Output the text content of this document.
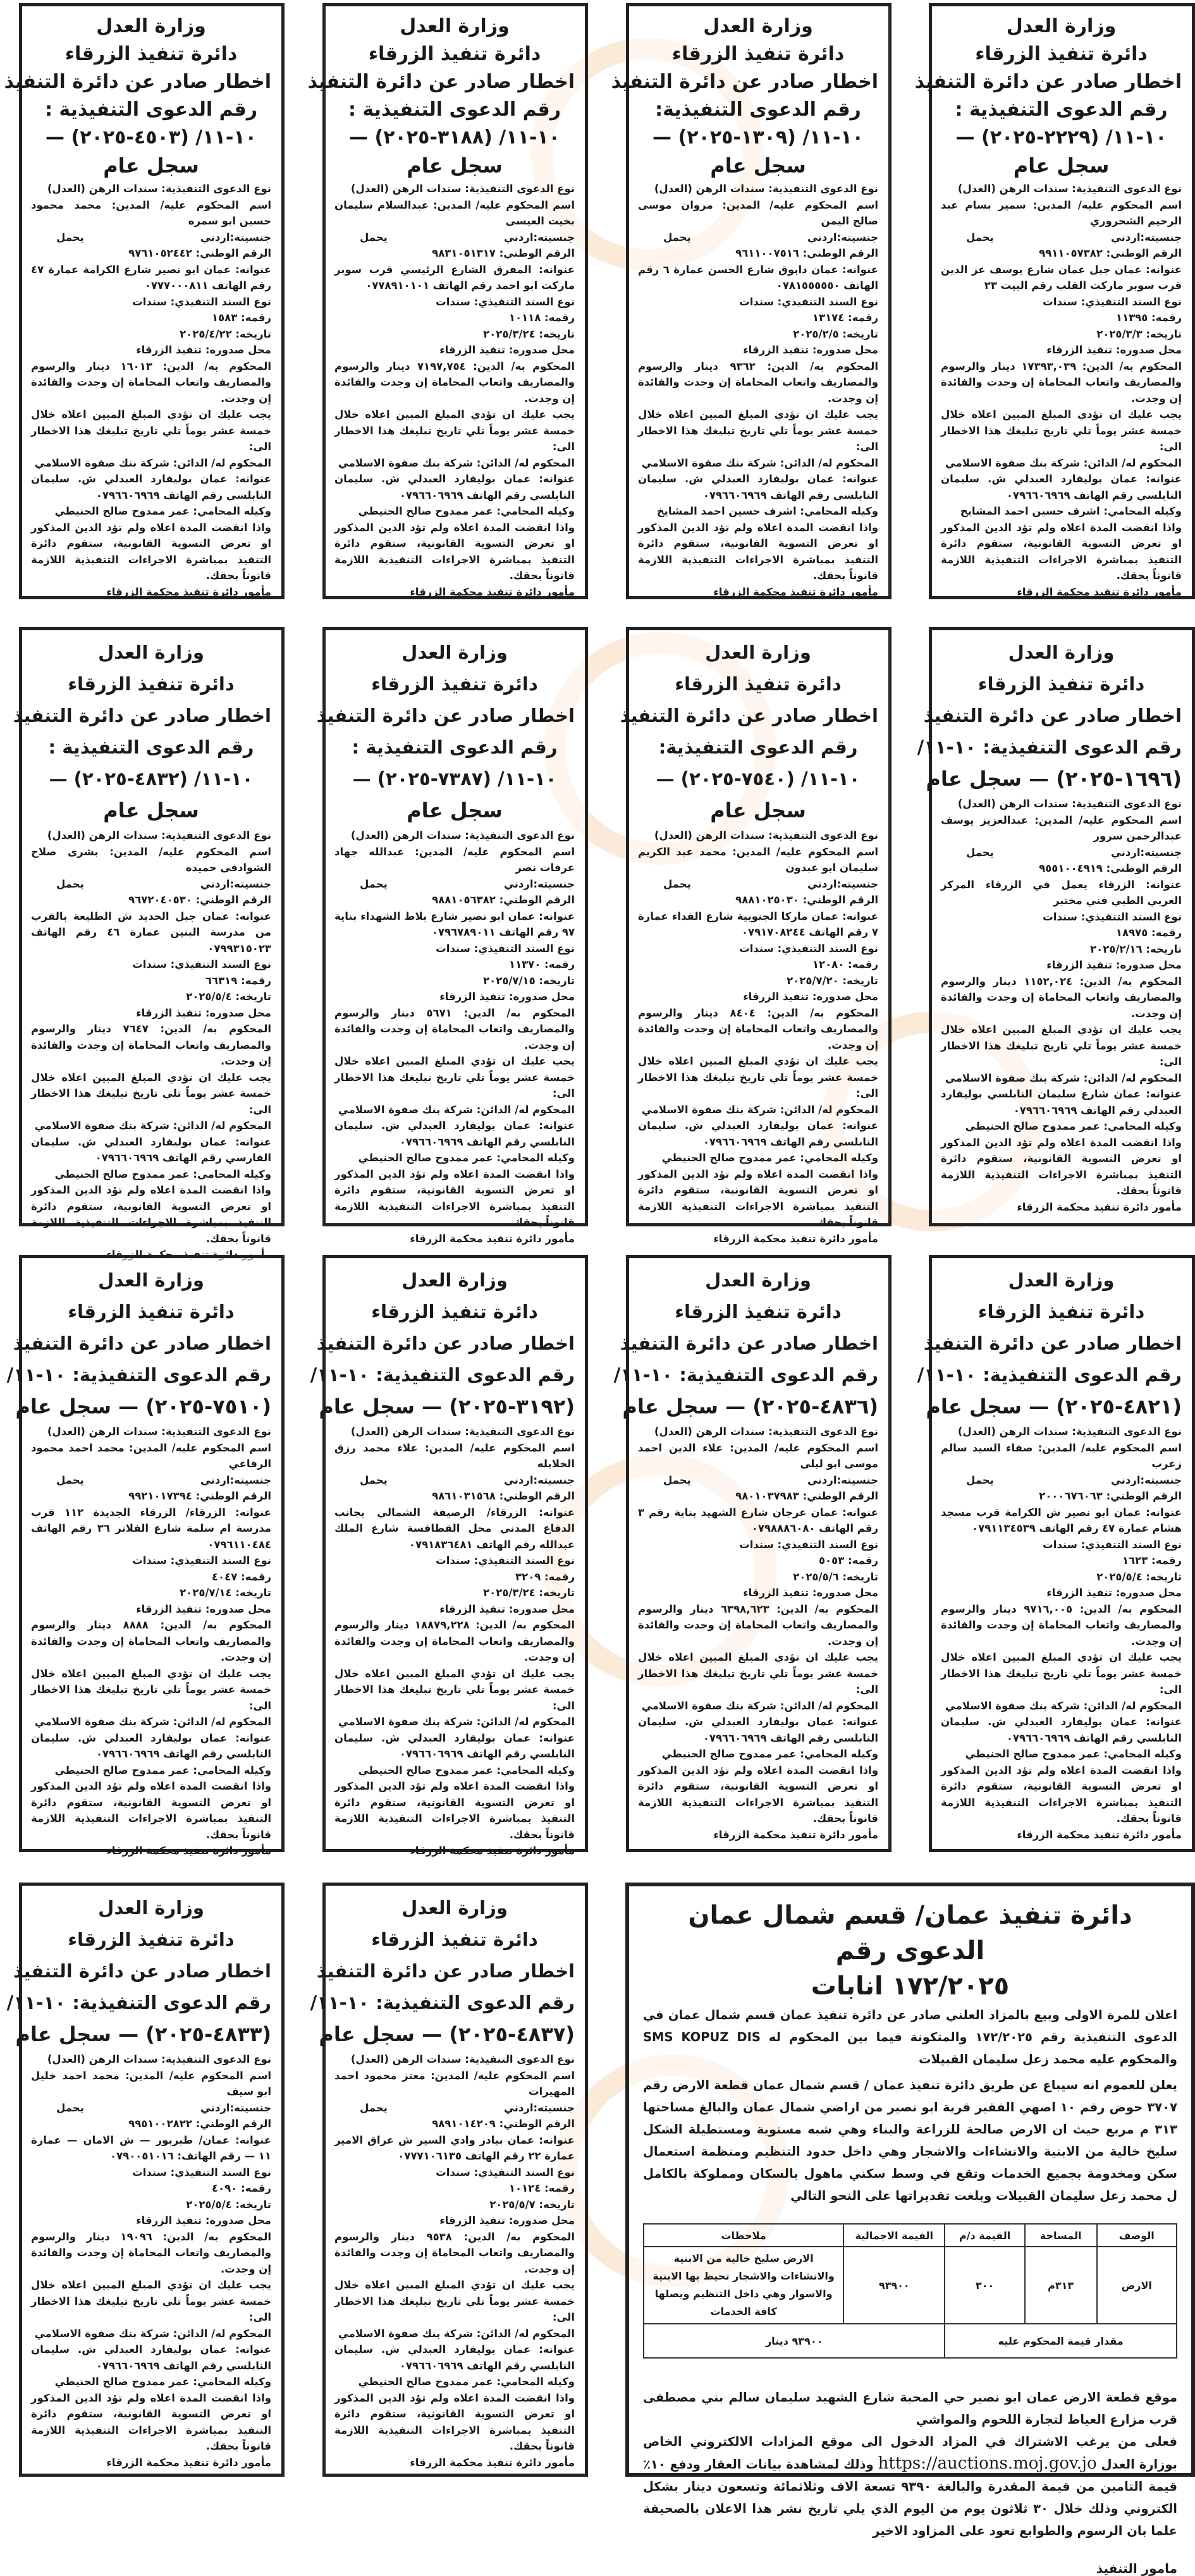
وزارة العدل
دائرة تنفيذ الزرقاء
اخطار صادر عن دائرة التنفيذ
رقم الدعوى التنفيذية :
١٠-١١/ (٢٢٢٩-٢٠٢٥) —
سجل عام
نوع الدعوى التنفيذية: سندات الرهن (العدل)
اسم المحكوم عليه/ المدين: سمير بسام عبد الرحيم الشحروري
جنسيته:اردني
يحمل
الرقم الوطني: ٩٩١١٠٥٧٣٨٢
عنوانه: عمان جبل عمان شارع يوسف عز الدين قرب سوبر ماركت القلب رقم البيت ٢٣
نوع السند التنفيذي: سندات
رقمه: ١١٣٩٥
تاريخه: ٢٠٢٥/٣/٣
محل صدوره: تنفيذ الزرقاء
المحكوم به/ الدين: ١٧٣٩٣,٠٣٩ دينار والرسوم والمصاريف واتعاب المحاماة إن وجدت والفائدة إن وجدت.
يجب عليك ان تؤدي المبلغ المبين اعلاه خلال خمسة عشر يوماً تلي تاريخ تبليغك هذا الاخطار الى:
المحكوم له/ الدائن: شركة بنك صفوة الاسلامي
عنوانه: عمان بوليفارد العبدلي ش. سليمان النابلسي رقم الهاتف ٠٧٩٦٦٠٦٩٦٩
وكيله المحامي: اشرف حسين احمد المشايخ
واذا انقضت المدة اعلاه ولم تؤد الدين المذكور او تعرض التسوية القانونية، ستقوم دائرة التنفيذ بمباشرة الاجراءات التنفيذية اللازمة قانوناً بحقك.
مأمور دائرة تنفيذ محكمة الزرقاء
وزارة العدل
دائرة تنفيذ الزرقاء
اخطار صادر عن دائرة التنفيذ
رقم الدعوى التنفيذية:
١٠-١١/ (١٣٠٩-٢٠٢٥) —
سجل عام
نوع الدعوى التنفيذية: سندات الرهن (العدل)
اسم المحكوم عليه/ المدين: مروان موسى صالح اليمن
جنسيته:اردني
يحمل
الرقم الوطني: ٩٦١١٠٠٧٥١٦
عنوانه: عمان دابوق شارع الحسن عمارة ٦ رقم الهاتف ٠٧٨١٥٥٥٥٥٠
نوع السند التنفيذي: سندات
رقمه: ١٣١٧٤
تاريخه: ٢٠٢٥/٢/٥
محل صدوره: تنفيذ الزرقاء
المحكوم به/ الدين: ٩٣٦٢ دينار والرسوم والمصاريف واتعاب المحاماة إن وجدت والفائدة إن وجدت.
يجب عليك ان تؤدي المبلغ المبين اعلاه خلال خمسة عشر يوماً تلي تاريخ تبليغك هذا الاخطار الى:
المحكوم له/ الدائن: شركة بنك صفوة الاسلامي
عنوانه: عمان بوليفارد العبدلي ش. سليمان النابلسي رقم الهاتف ٠٧٩٦٦٠٦٩٦٩
وكيله المحامي: اشرف حسين احمد المشايخ
واذا انقضت المدة اعلاه ولم تؤد الدين المذكور او تعرض التسوية القانونية، ستقوم دائرة التنفيذ بمباشرة الاجراءات التنفيذية اللازمة قانوناً بحقك.
مأمور دائرة تنفيذ محكمة الزرقاء
وزارة العدل
دائرة تنفيذ الزرقاء
اخطار صادر عن دائرة التنفيذ
رقم الدعوى التنفيذية :
١٠-١١/ (٣١٨٨-٢٠٢٥) —
سجل عام
نوع الدعوى التنفيذية: سندات الرهن (العدل)
اسم المحكوم عليه/ المدين: عبدالسلام سليمان بخيت العيسى
جنسيته:اردني
يحمل
الرقم الوطني: ٩٨٣١٠٥١٣١٧
عنوانه: المفرق الشارع الرئيسي قرب سوبر ماركت ابو احمد رقم الهاتف ٠٧٧٨٩١٠١٠١
نوع السند التنفيذي: سندات
رقمه: ١٠١١٨
تاريخه: ٢٠٢٥/٣/٢٤
محل صدوره: تنفيذ الزرقاء
المحكوم به/ الدين: ٧١٩٧,٧٥٤ دينار والرسوم والمصاريف واتعاب المحاماة إن وجدت والفائدة إن وجدت.
يجب عليك ان تؤدي المبلغ المبين اعلاه خلال خمسة عشر يوماً تلي تاريخ تبليغك هذا الاخطار الى:
المحكوم له/ الدائن: شركة بنك صفوة الاسلامي
عنوانه: عمان بوليفارد العبدلي ش. سليمان النابلسي رقم الهاتف ٠٧٩٦٦٠٦٩٦٩
وكيله المحامي: عمر ممدوح صالح الحنيطي
واذا انقضت المدة اعلاه ولم تؤد الدين المذكور او تعرض التسوية القانونية، ستقوم دائرة التنفيذ بمباشرة الاجراءات التنفيذية اللازمة قانوناً بحقك.
مأمور دائرة تنفيذ محكمة الزرقاء
وزارة العدل
دائرة تنفيذ الزرقاء
اخطار صادر عن دائرة التنفيذ
رقم الدعوى التنفيذية :
١٠-١١/ (٤٥٠٣-٢٠٢٥) —
سجل عام
نوع الدعوى التنفيذية: سندات الرهن (العدل)
اسم المحكوم عليه/ المدين: محمد محمود حسين ابو سمره
جنسيته:اردني
يحمل
الرقم الوطني: ٩٧٦١٠٥٢٤٤٢
عنوانه: عمان ابو نصير شارع الكرامة عمارة ٤٧ رقم الهاتف ٠٧٧٧٠٠٠٨١١
نوع السند التنفيذي: سندات
رقمه: ١٥٨٣
تاريخه: ٢٠٢٥/٤/٢٢
محل صدوره: تنفيذ الزرقاء
المحكوم به/ الدين: ١٦٠١٣ دينار والرسوم والمصاريف واتعاب المحاماة إن وجدت والفائدة إن وجدت.
يجب عليك ان تؤدي المبلغ المبين اعلاه خلال خمسة عشر يوماً تلي تاريخ تبليغك هذا الاخطار الى:
المحكوم له/ الدائن: شركة بنك صفوة الاسلامي
عنوانه: عمان بوليفارد العبدلي ش. سليمان النابلسي رقم الهاتف ٠٧٩٦٦٠٦٩٦٩
وكيله المحامي: عمر ممدوح صالح الحنيطي
واذا انقضت المدة اعلاه ولم تؤد الدين المذكور او تعرض التسوية القانونية، ستقوم دائرة التنفيذ بمباشرة الاجراءات التنفيذية اللازمة قانوناً بحقك.
مأمور دائرة تنفيذ محكمة الزرقاء
وزارة العدل
دائرة تنفيذ الزرقاء
اخطار صادر عن دائرة التنفيذ
رقم الدعوى التنفيذية: ١٠-١١/
(١٦٩٦-٢٠٢٥) — سجل عام
نوع الدعوى التنفيذية: سندات الرهن (العدل)
اسم المحكوم عليه/ المدين: عبدالعزيز يوسف عبدالرحمن سرور
جنسيته:اردني
يحمل
الرقم الوطني: ٩٥٥١٠٠٤٩١٩
عنوانه: الزرقاء يعمل في الزرقاء المركز العربي الطبي فني مختبر
نوع السند التنفيذي: سندات
رقمه: ١٨٩٧٥
تاريخه: ٢٠٢٥/٢/١٦
محل صدوره: تنفيذ الزرقاء
المحكوم به/ الدين: ١١٥٢,٠٢٤ دينار والرسوم والمصاريف واتعاب المحاماة إن وجدت والفائدة إن وجدت.
يجب عليك ان تؤدي المبلغ المبين اعلاه خلال خمسة عشر يوماً تلي تاريخ تبليغك هذا الاخطار الى:
المحكوم له/ الدائن: شركة بنك صفوة الاسلامي
عنوانه: عمان شارع سليمان النابلسي بوليفارد العبدلي رقم الهاتف ٠٧٩٦٦٠٦٩٦٩
وكيله المحامي: عمر ممدوح صالح الحنيطي
واذا انقضت المدة اعلاه ولم تؤد الدين المذكور او تعرض التسوية القانونية، ستقوم دائرة التنفيذ بمباشرة الاجراءات التنفيذية اللازمة قانوناً بحقك.
مأمور دائرة تنفيذ محكمة الزرقاء
وزارة العدل
دائرة تنفيذ الزرقاء
اخطار صادر عن دائرة التنفيذ
رقم الدعوى التنفيذية:
١٠-١١/ (٧٥٤٠-٢٠٢٥) —
سجل عام
نوع الدعوى التنفيذية: سندات الرهن (العدل)
اسم المحكوم عليه/ المدين: محمد عبد الكريم سليمان ابو عبدون
جنسيته:اردني
يحمل
الرقم الوطني: ٩٨٨١٠٢٥٠٣٠
عنوانه: عمان ماركا الجنوبية شارع الفداء عمارة ٧ رقم الهاتف ٠٧٩١٧٠٨٢٤٤
نوع السند التنفيذي: سندات
رقمه: ١٢٠٨٠
تاريخه: ٢٠٢٥/٧/٢٠
محل صدوره: تنفيذ الزرقاء
المحكوم به/ الدين: ٨٤٠٤ دينار والرسوم والمصاريف واتعاب المحاماة إن وجدت والفائدة إن وجدت.
يجب عليك ان تؤدي المبلغ المبين اعلاه خلال خمسة عشر يوماً تلي تاريخ تبليغك هذا الاخطار الى:
المحكوم له/ الدائن: شركة بنك صفوة الاسلامي
عنوانه: عمان بوليفارد العبدلي ش. سليمان النابلسي رقم الهاتف ٠٧٩٦٦٠٦٩٦٩
وكيله المحامي: عمر ممدوح صالح الحنيطي
واذا انقضت المدة اعلاه ولم تؤد الدين المذكور او تعرض التسوية القانونية، ستقوم دائرة التنفيذ بمباشرة الاجراءات التنفيذية اللازمة قانوناً بحقك.
مأمور دائرة تنفيذ محكمة الزرقاء
وزارة العدل
دائرة تنفيذ الزرقاء
اخطار صادر عن دائرة التنفيذ
رقم الدعوى التنفيذية :
١٠-١١/ (٧٣٨٧-٢٠٢٥) —
سجل عام
نوع الدعوى التنفيذية: سندات الرهن (العدل)
اسم المحكوم عليه/ المدين: عبدالله جهاد عرفات نصر
جنسيته:اردني
يحمل
الرقم الوطني: ٩٨٨١٠٥٦٣٨٢
عنوانه: عمان ابو نصير شارع بلاط الشهداء بناية ٩٧ رقم الهاتف ٠٧٩٦٧٨٩٠١١
نوع السند التنفيذي: سندات
رقمه: ١١٣٧٠
تاريخه: ٢٠٢٥/٧/١٥
محل صدوره: تنفيذ الزرقاء
المحكوم به/ الدين: ٥٦٧١ دينار والرسوم والمصاريف واتعاب المحاماة إن وجدت والفائدة إن وجدت.
يجب عليك ان تؤدي المبلغ المبين اعلاه خلال خمسة عشر يوماً تلي تاريخ تبليغك هذا الاخطار الى:
المحكوم له/ الدائن: شركة بنك صفوة الاسلامي
عنوانه: عمان بوليفارد العبدلي ش. سليمان النابلسي رقم الهاتف ٠٧٩٦٦٠٦٩٦٩
وكيله المحامي: عمر ممدوح صالح الحنيطي
واذا انقضت المدة اعلاه ولم تؤد الدين المذكور او تعرض التسوية القانونية، ستقوم دائرة التنفيذ بمباشرة الاجراءات التنفيذية اللازمة قانوناً بحقك.
مأمور دائرة تنفيذ محكمة الزرقاء
وزارة العدل
دائرة تنفيذ الزرقاء
اخطار صادر عن دائرة التنفيذ
رقم الدعوى التنفيذية :
١٠-١١/ (٤٨٣٢-٢٠٢٥) —
سجل عام
نوع الدعوى التنفيذية: سندات الرهن (العدل)
اسم المحكوم عليه/ المدين: بشرى صلاح الشوادفى حميده
جنسيته:اردني
يحمل
الرقم الوطني: ٩٦٧٢٠٤٠٥٣٠
عنوانه: عمان جبل الحديد ش الطليعة بالقرب من مدرسة البنين عمارة ٤٦ رقم الهاتف ٠٧٩٩٣١٥٠٢٣
نوع السند التنفيذي: سندات
رقمه: ٦٦٣١٩
تاريخه: ٢٠٢٥/٥/٤
محل صدوره: تنفيذ الزرقاء
المحكوم به/ الدين: ٧٦٤٧ دينار والرسوم والمصاريف واتعاب المحاماة إن وجدت والفائدة إن وجدت.
يجب عليك ان تؤدي المبلغ المبين اعلاه خلال خمسة عشر يوماً تلي تاريخ تبليغك هذا الاخطار الى:
المحكوم له/ الدائن: شركة بنك صفوة الاسلامي
عنوانه: عمان بوليفارد العبدلي ش. سليمان الفارسي رقم الهاتف ٠٧٩٦٦٠٦٩٦٩
وكيله المحامي: عمر ممدوح صالح الحنيطي
واذا انقضت المدة اعلاه ولم تؤد الدين المذكور او تعرض التسوية القانونية، ستقوم دائرة التنفيذ بمباشرة الاجراءات التنفيذية اللازمة قانوناً بحقك.
وزارة العدل
دائرة تنفيذ الزرقاء
اخطار صادر عن دائرة التنفيذ
رقم الدعوى التنفيذية: ١٠-١١/
(٤٨٢١-٢٠٢٥) — سجل عام
نوع الدعوى التنفيذية: سندات الرهن (العدل)
اسم المحكوم عليه/ المدين: صفاء السيد سالم زعرب
جنسيته:اردني
يحمل
الرقم الوطني: ٢٠٠٠٦٧٦٠٦٣
عنوانه: عمان ابو نصير ش الكرامة قرب مسجد هشام عمارة ٤٧ رقم الهاتف ٠٧٩١١٣٤٥٣٩
نوع السند التنفيذي: سندات
رقمه: ١٦٢٣
تاريخه: ٢٠٢٥/٥/٤
محل صدوره: تنفيذ الزرقاء
المحكوم به/ الدين: ٩٧١٦,٠٠٥ دينار والرسوم والمصاريف واتعاب المحاماة إن وجدت والفائدة إن وجدت.
يجب عليك ان تؤدي المبلغ المبين اعلاه خلال خمسة عشر يوماً تلي تاريخ تبليغك هذا الاخطار الى:
المحكوم له/ الدائن: شركة بنك صفوة الاسلامي
عنوانه: عمان بوليفارد العبدلي ش. سليمان النابلسي رقم الهاتف ٠٧٩٦٦٠٦٩٦٩
وكيله المحامي: عمر ممدوح صالح الحنيطي
واذا انقضت المدة اعلاه ولم تؤد الدين المذكور او تعرض التسوية القانونية، ستقوم دائرة التنفيذ بمباشرة الاجراءات التنفيذية اللازمة قانوناً بحقك.
مأمور دائرة تنفيذ محكمة الزرقاء
وزارة العدل
دائرة تنفيذ الزرقاء
اخطار صادر عن دائرة التنفيذ
رقم الدعوى التنفيذية: ١٠-١١/
(٤٨٣٦-٢٠٢٥) — سجل عام
نوع الدعوى التنفيذية: سندات الرهن (العدل)
اسم المحكوم عليه/ المدين: علاء الدين احمد موسى ابو ليلى
جنسيته:اردني
يحمل
الرقم الوطني: ٩٨٠١٠٣٧٩٨٣
عنوانه: عمان عرجان شارع الشهيد بناية رقم ٣ رقم الهاتف ٠٧٩٨٨٨٦٠٨٠
نوع السند التنفيذي: سندات
رقمه: ٥٠٥٣
تاريخه: ٢٠٢٥/٥/٦
محل صدوره: تنفيذ الزرقاء
المحكوم به/ الدين: ٦٣٩٨,٦٢٣ دينار والرسوم والمصاريف واتعاب المحاماة إن وجدت والفائدة إن وجدت.
يجب عليك ان تؤدي المبلغ المبين اعلاه خلال خمسة عشر يوماً تلي تاريخ تبليغك هذا الاخطار الى:
المحكوم له/ الدائن: شركة بنك صفوة الاسلامي
عنوانه: عمان بوليفارد العبدلي ش. سليمان النابلسي رقم الهاتف ٠٧٩٦٦٠٦٩٦٩
وكيله المحامي: عمر ممدوح صالح الحنيطي
واذا انقضت المدة اعلاه ولم تؤد الدين المذكور او تعرض التسوية القانونية، ستقوم دائرة التنفيذ بمباشرة الاجراءات التنفيذية اللازمة قانوناً بحقك.
مأمور دائرة تنفيذ محكمة الزرقاء
وزارة العدل
دائرة تنفيذ الزرقاء
اخطار صادر عن دائرة التنفيذ
رقم الدعوى التنفيذية: ١٠-١١/
(٣١٩٢-٢٠٢٥) — سجل عام
نوع الدعوى التنفيذية: سندات الرهن (العدل)
اسم المحكوم عليه/ المدين: علاء محمد رزق الخلايله
جنسيته:اردني
يحمل
الرقم الوطني: ٩٨٦١٠٣١٥٦٨
عنوانه: الزرقاء/ الرصيفة الشمالي بجانب الدفاع المدني محل القطافسة شارع الملك عبدالله رقم الهاتف ٠٧٩١٨٣٦٤٨١
نوع السند التنفيذي: سندات
رقمه: ٣٢٠٩
تاريخه: ٢٠٢٥/٣/٢٤
محل صدوره: تنفيذ الزرقاء
المحكوم به/ الدين: ١٨٨٧٩,٢٢٨ دينار والرسوم والمصاريف واتعاب المحاماة إن وجدت والفائدة إن وجدت.
يجب عليك ان تؤدي المبلغ المبين اعلاه خلال خمسة عشر يوماً تلي تاريخ تبليغك هذا الاخطار الى:
المحكوم له/ الدائن: شركة بنك صفوة الاسلامي
عنوانه: عمان بوليفارد العبدلي ش. سليمان النابلسي رقم الهاتف ٠٧٩٦٦٠٦٩٦٩
وكيله المحامي: عمر ممدوح صالح الحنيطي
واذا انقضت المدة اعلاه ولم تؤد الدين المذكور او تعرض التسوية القانونية، ستقوم دائرة التنفيذ بمباشرة الاجراءات التنفيذية اللازمة قانوناً بحقك.
مأمور دائرة تنفيذ محكمة الزرقاء
وزارة العدل
دائرة تنفيذ الزرقاء
اخطار صادر عن دائرة التنفيذ
رقم الدعوى التنفيذية: ١٠-١١/
(٧٥١٠-٢٠٢٥) — سجل عام
نوع الدعوى التنفيذية: سندات الرهن (العدل)
اسم المحكوم عليه/ المدين: محمد احمد محمود الرفاعي
جنسيته:اردني
يحمل
الرقم الوطني: ٩٩٢١٠١٧٣٩٤
عنوانه: الزرقاء/ الزرقاء الجديدة ١١٢ قرب مدرسة ام سلمة شارع الفلاتر ٣٦ رقم الهاتف ٠٧٩٦١١٠٤٨٤
نوع السند التنفيذي: سندات
رقمه: ٤٠٤٧
تاريخه: ٢٠٢٥/٧/١٤
محل صدوره: تنفيذ الزرقاء
المحكوم به/ الدين: ٨٨٨٨ دينار والرسوم والمصاريف واتعاب المحاماة إن وجدت والفائدة إن وجدت.
يجب عليك ان تؤدي المبلغ المبين اعلاه خلال خمسة عشر يوماً تلي تاريخ تبليغك هذا الاخطار الى:
المحكوم له/ الدائن: شركة بنك صفوة الاسلامي
عنوانه: عمان بوليفارد العبدلي ش. سليمان النابلسي رقم الهاتف ٠٧٩٦٦٠٦٩٦٩
وكيله المحامي: عمر ممدوح صالح الحنيطي
واذا انقضت المدة اعلاه ولم تؤد الدين المذكور او تعرض التسوية القانونية، ستقوم دائرة التنفيذ بمباشرة الاجراءات التنفيذية اللازمة قانوناً بحقك.
مأمور دائرة تنفيذ محكمة الزرقاء
وزارة العدل
دائرة تنفيذ الزرقاء
اخطار صادر عن دائرة التنفيذ
رقم الدعوى التنفيذية: ١٠-١١/
(٤٨٣٧-٢٠٢٥) — سجل عام
نوع الدعوى التنفيذية: سندات الرهن (العدل)
اسم المحكوم عليه/ المدين: معتز محمود احمد المهيرات
جنسيته:اردني
يحمل
الرقم الوطني: ٩٨٩١٠١٤٢٠٩
عنوانه: عمان بيادر وادي السير ش عراق الامير عمارة ٢٢ رقم الهاتف ٠٧٧٧١٠٦١٣٥
نوع السند التنفيذي: سندات
رقمه: ١٠١٢٤
تاريخه: ٢٠٢٥/٥/٧
محل صدوره: تنفيذ الزرقاء
المحكوم به/ الدين: ٩٥٣٨ دينار والرسوم والمصاريف واتعاب المحاماة إن وجدت والفائدة إن وجدت.
يجب عليك ان تؤدي المبلغ المبين اعلاه خلال خمسة عشر يوماً تلي تاريخ تبليغك هذا الاخطار الى:
المحكوم له/ الدائن: شركة بنك صفوة الاسلامي
عنوانه: عمان بوليفارد العبدلي ش. سليمان النابلسي رقم الهاتف ٠٧٩٦٦٠٦٩٦٩
وكيله المحامي: عمر ممدوح صالح الحنيطي
واذا انقضت المدة اعلاه ولم تؤد الدين المذكور او تعرض التسوية القانونية، ستقوم دائرة التنفيذ بمباشرة الاجراءات التنفيذية اللازمة قانوناً بحقك.
مأمور دائرة تنفيذ محكمة الزرقاء
وزارة العدل
دائرة تنفيذ الزرقاء
اخطار صادر عن دائرة التنفيذ
رقم الدعوى التنفيذية: ١٠-١١/
(٤٨٣٣-٢٠٢٥) — سجل عام
نوع الدعوى التنفيذية: سندات الرهن (العدل)
اسم المحكوم عليه/ المدين: محمد احمد خليل ابو سيف
جنسيته:اردني
يحمل
الرقم الوطني: ٩٩٥١٠٠٢٨٢٢
عنوانه: عمان/ طبربور — ش الامان — عمارة ١١ — رقم الهاتف: ٠٧٩٠٠٥١٠١٦
نوع السند التنفيذي: سندات
رقمه: ٤٠٩٠
تاريخه: ٢٠٢٥/٥/٤
محل صدوره: تنفيذ الزرقاء
المحكوم به/ الدين: ١٩٠٩٦ دينار والرسوم والمصاريف واتعاب المحاماة إن وجدت والفائدة إن وجدت.
يجب عليك ان تؤدي المبلغ المبين اعلاه خلال خمسة عشر يوماً تلي تاريخ تبليغك هذا الاخطار الى:
المحكوم له/ الدائن: شركة بنك صفوة الاسلامي
عنوانه: عمان بوليفارد العبدلي ش. سليمان النابلسي رقم الهاتف ٠٧٩٦٦٠٦٩٦٩
وكيله المحامي: عمر ممدوح صالح الحنيطي
واذا انقضت المدة اعلاه ولم تؤد الدين المذكور او تعرض التسوية القانونية، ستقوم دائرة التنفيذ بمباشرة الاجراءات التنفيذية اللازمة قانوناً بحقك.
مأمور دائرة تنفيذ محكمة الزرقاء
دائرة تنفيذ عمان/ قسم شمال عمان الدعوى رقم
١٧٢/٢٠٢٥ انابات

اعلان للمرة الاولى وبيع بالمزاد العلني صادر عن دائرة تنفيذ عمان قسم شمال عمان في الدعوى التنفيذية رقم ١٧٢/٢٠٢٥ والمتكونة فيما بين المحكوم له SMS KOPUZ DIS والمحكوم عليه محمد زعل سليمان القبيلات

يعلن للعموم انه سيباع عن طريق دائرة تنفيذ عمان / قسم شمال عمان قطعة الارض رقم ٣٧٠٧ حوض رقم ١٠ اصهي الفقير قرية ابو نصير من اراضي شمال عمان والبالغ مساحتها ٣١٣ م مربع حيث ان الارض صالحة للزراعة والبناء وهي شبه مستوية ومستطيلة الشكل سليخ خالية من الابنية والانشاءات والاشجار وهي داخل حدود التنظيم ومنظمة استعمال سكن ومخدومة بجميع الخدمات وتقع في وسط سكني ماهول بالسكان ومملوكة بالكامل ل محمد زعل سليمان القبيلات وبلغت تقديراتها على النحو التالي

الوصف	المساحة	القيمة د/م	القيمة الاجمالية	ملاحظات
الارض	٣١٣م	٣٠٠	٩٣٩٠٠	الارض سليخ خالية من الابنية والانشاءات والاشجار تحيط بها الابنية والاسوار وهي داخل التنظيم ويصلها كافة الخدمات
مقدار قيمة المحكوم عليه			٩٣٩٠٠ دينار	

موقع قطعة الارض عمان ابو نصير حي المحبة شارع الشهيد سليمان سالم بني مصطفى قرب مزارع العياط لتجارة اللحوم والمواشي

فعلى من يرغب الاشتراك في المزاد الدخول الى موقع المزادات الالكتروني الخاص بوزارة العدل https://auctions.moj.gov.jo وذلك لمشاهدة بيانات العقار ودفع ١٠٪ قيمة التامين من قيمة المقدرة والبالغة ٩٣٩٠ تسعة الاف وثلاثمائة وتسعون دينار بشكل الكتروني وذلك خلال ٣٠ ثلاثون يوم من اليوم الذي يلي تاريخ نشر هذا الاعلان بالصحيفة علما بان الرسوم والطوابع تعود على المزاود الاخير

مامور التنفيذ
